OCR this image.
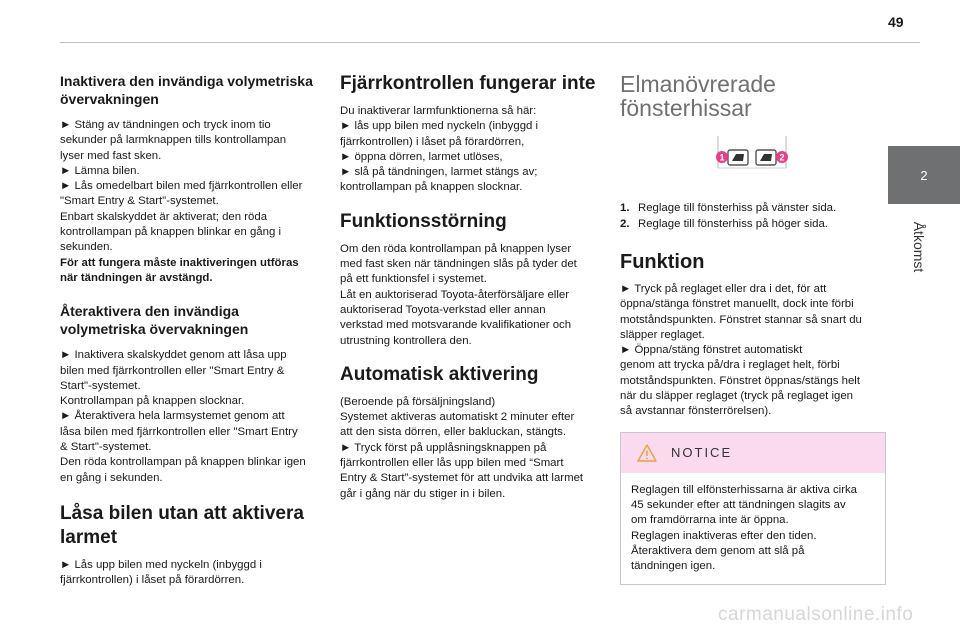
49
2
Åtkomst
Inaktivera den invändiga volymetriska övervakningen
► Stäng av tändningen och tryck inom tio
sekunder på larmknappen tills kontrollampan
lyser med fast sken.
► Lämna bilen.
► Lås omedelbart bilen med fjärrkontrollen eller
"Smart Entry & Start"-systemet.
Enbart skalskyddet är aktiverat; den röda
kontrollampan på knappen blinkar en gång i
sekunden.
För att fungera måste inaktiveringen utföras
när tändningen är avstängd.
Återaktivera den invändiga volymetriska övervakningen
► Inaktivera skalskyddet genom att låsa upp
bilen med fjärrkontrollen eller "Smart Entry &
Start"-systemet.
Kontrollampan på knappen slocknar.
► Återaktivera hela larmsystemet genom att
låsa bilen med fjärrkontrollen eller "Smart Entry
& Start"-systemet.
Den röda kontrollampan på knappen blinkar igen
en gång i sekunden.
Låsa bilen utan att aktivera larmet
► Lås upp bilen med nyckeln (inbyggd i
fjärrkontrollen) i låset på förardörren.
Fjärrkontrollen fungerar inte
Du inaktiverar larmfunktionerna så här:
► lås upp bilen med nyckeln (inbyggd i
fjärrkontrollen) i låset på förardörren,
► öppna dörren, larmet utlöses,
► slå på tändningen, larmet stängs av;
kontrollampan på knappen slocknar.
Funktionsstörning
Om den röda kontrollampan på knappen lyser
med fast sken när tändningen slås på tyder det
på ett funktionsfel i systemet.
Låt en auktoriserad Toyota-återförsäljare eller
auktoriserad Toyota-verkstad eller annan
verkstad med motsvarande kvalifikationer och
utrustning kontrollera den.
Automatisk aktivering
(Beroende på försäljningsland)
Systemet aktiveras automatiskt 2 minuter efter
att den sista dörren, eller bakluckan, stängts.
► Tryck först på upplåsningsknappen på
fjärrkontrollen eller lås upp bilen med “Smart
Entry & Start”-systemet för att undvika att larmet
går i gång när du stiger in i bilen.
Elmanövrerade
fönsterhissar
1	2
1. Reglage till fönsterhiss på vänster sida.
2. Reglage till fönsterhiss på höger sida.
Funktion
► Tryck på reglaget eller dra i det, för att
öppna/stänga fönstret manuellt, dock inte förbi
motståndspunkten. Fönstret stannar så snart du
släpper reglaget.
► Öppna/stäng fönstret automatiskt
genom att trycka på/dra i reglaget helt, förbi
motståndspunkten. Fönstret öppnas/stängs helt
när du släpper reglaget (tryck på reglaget igen
så avstannar fönsterrörelsen).
NOTICE
Reglagen till elfönsterhissarna är aktiva cirka
45 sekunder efter att tändningen slagits av
om framdörrarna inte är öppna.
Reglagen inaktiveras efter den tiden.
Återaktivera dem genom att slå på
tändningen igen.
carmanualsonline.info
